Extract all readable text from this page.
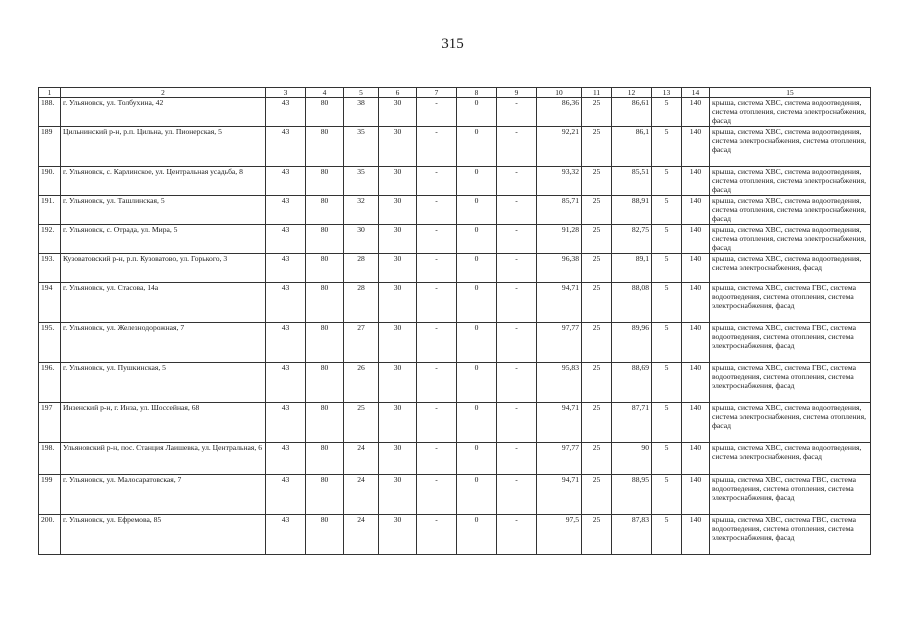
315
1	2	3	4	5	6	7	8	9	10	11	12	13	14	15
188.	г. Ульяновск, ул. Толбухина, 42	43	80	38	30	-	0	-	86,36	25	86,61	5	140	крыша, система ХВС, система водоотведения, система отопления, система электроснабжения, фасад
189	Цильнинский р-н, р.п. Цильна, ул. Пионерская, 5	43	80	35	30	-	0	-	92,21	25	86,1	5	140	крыша, система ХВС, система водоотведения, система электроснабжения, система отопления, фасад
190.	г. Ульяновск, с. Карлинское, ул. Центральная усадьба, 8	43	80	35	30	-	0	-	93,32	25	85,51	5	140	крыша, система ХВС, система водоотведения, система отопления, система электроснабжения, фасад
191.	г. Ульяновск, ул. Ташлинская, 5	43	80	32	30	-	0	-	85,71	25	88,91	5	140	крыша, система ХВС, система водоотведения, система отопления, система электроснабжения, фасад
192.	г. Ульяновск, с. Отрада, ул. Мира, 5	43	80	30	30	-	0	-	91,28	25	82,75	5	140	крыша, система ХВС, система водоотведения, система отопления, система электроснабжения, фасад
193.	Кузоватовский р-н, р.п. Кузоватово, ул. Горького, 3	43	80	28	30	-	0	-	96,38	25	89,1	5	140	крыша, система ХВС, система водоотведения, система электроснабжения, фасад
194	г. Ульяновск, ул. Стасова, 14а	43	80	28	30	-	0	-	94,71	25	88,08	5	140	крыша, система ХВС, система ГВС, система водоотведения, система отопления, система электроснабжения, фасад
195.	г. Ульяновск, ул. Железнодорожная, 7	43	80	27	30	-	0	-	97,77	25	89,96	5	140	крыша, система ХВС, система ГВС, система водоотведения, система отопления, система электроснабжения, фасад
196.	г. Ульяновск, ул. Пушкинская, 5	43	80	26	30	-	0	-	95,83	25	88,69	5	140	крыша, система ХВС, система ГВС, система водоотведения, система отопления, система электроснабжения, фасад
197	Инзенский р-н, г. Инза, ул. Шоссейная, 68	43	80	25	30	-	0	-	94,71	25	87,71	5	140	крыша, система ХВС, система водоотведения, система электроснабжения, система отопления, фасад
198.	Ульяновский р-н, пос. Станция Лаишевка, ул. Центральная, 6	43	80	24	30	-	0	-	97,77	25	90	5	140	крыша, система ХВС, система водоотведения, система электроснабжения, фасад
199	г. Ульяновск, ул. Малосаратовская, 7	43	80	24	30	-	0	-	94,71	25	88,95	5	140	крыша, система ХВС, система ГВС, система водоотведения, система отопления, система электроснабжения, фасад
200.	г. Ульяновск, ул. Ефремова, 85	43	80	24	30	-	0	-	97,5	25	87,83	5	140	крыша, система ХВС, система ГВС, система водоотведения, система отопления, система электроснабжения, фасад
